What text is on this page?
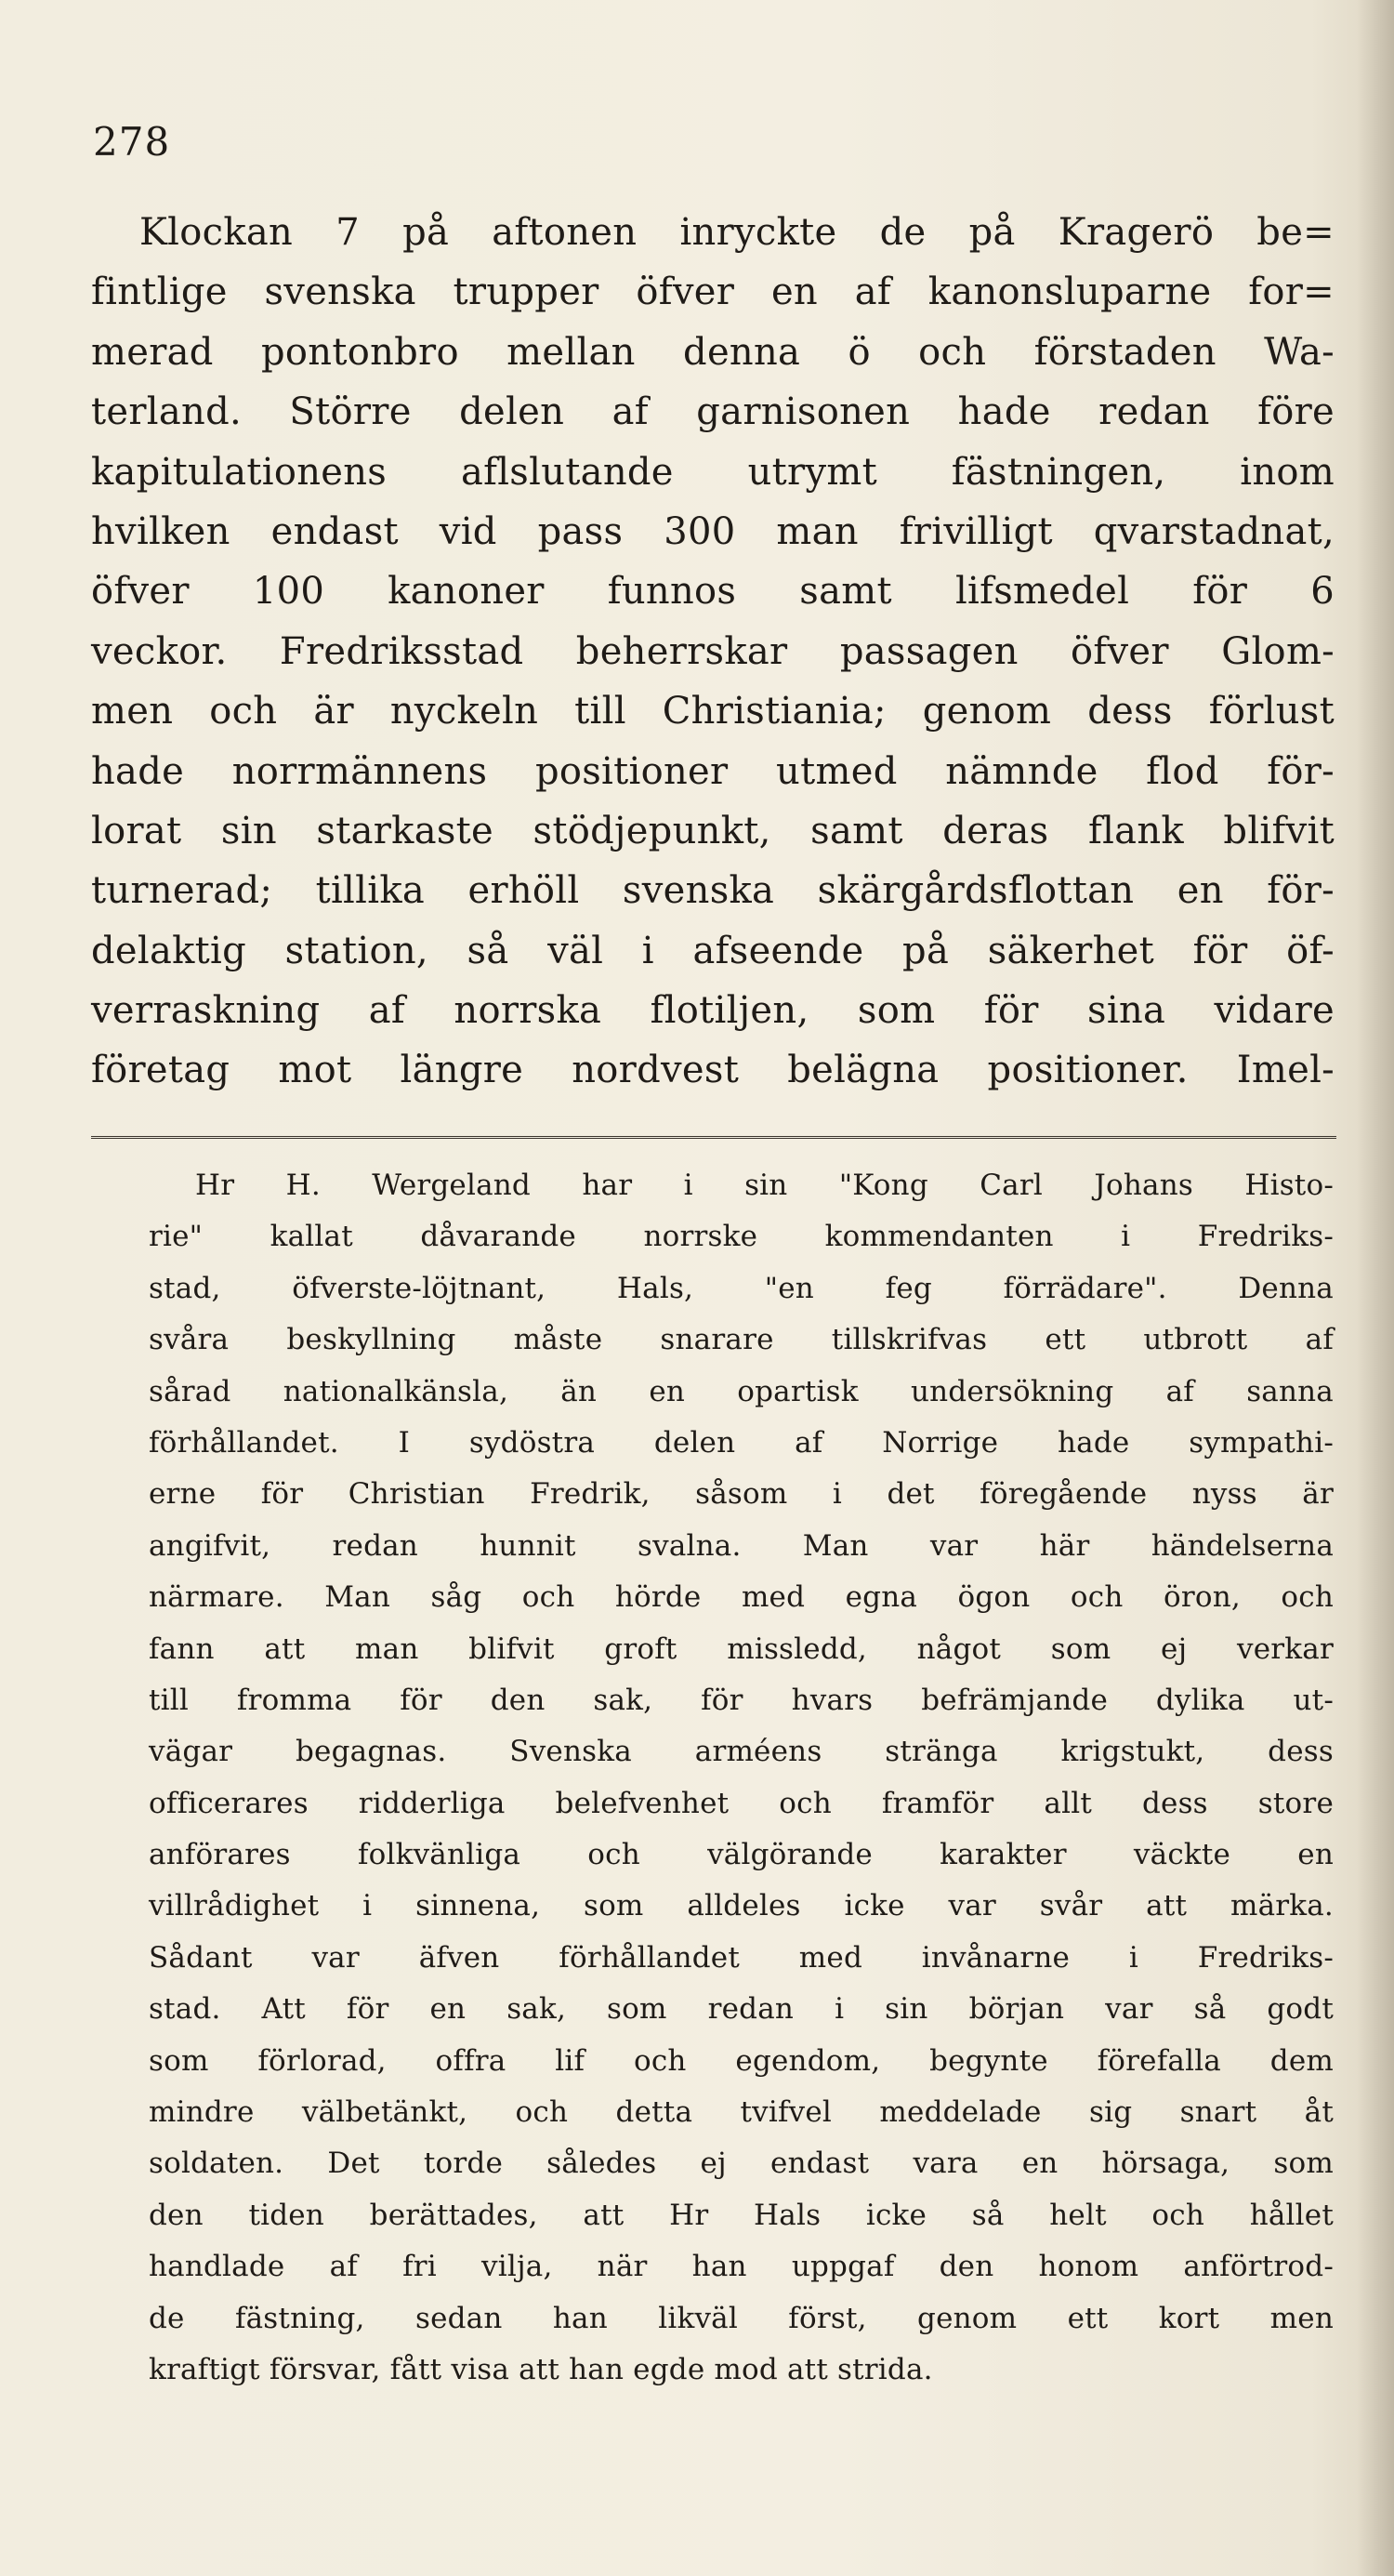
278
Klockan 7 på aftonen inryckte de på Kragerö be=
fintlige svenska trupper öfver en af kanonsluparne for=
merad pontonbro mellan denna ö och förstaden Wa-
terland. Större delen af garnisonen hade redan före
kapitulationens aflslutande utrymt fästningen, inom
hvilken endast vid pass 300 man frivilligt qvarstadnat,
öfver 100 kanoner funnos samt lifsmedel för 6
veckor. Fredriksstad beherrskar passagen öfver Glom-
men och är nyckeln till Christiania; genom dess förlust
hade norrmännens positioner utmed nämnde flod för-
lorat sin starkaste stödjepunkt, samt deras flank blifvit
turnerad; tillika erhöll svenska skärgårdsflottan en för-
delaktig station, så väl i afseende på säkerhet för öf-
verraskning af norrska flotiljen, som för sina vidare
företag mot längre nordvest belägna positioner. Imel-
Hr H. Wergeland har i sin "Kong Carl Johans Histo-
rie" kallat dåvarande norrske kommendanten i Fredriks-
stad, öfverste-löjtnant, Hals, "en feg förrädare". Denna
svåra beskyllning måste snarare tillskrifvas ett utbrott af
sårad nationalkänsla, än en opartisk undersökning af sanna
förhållandet. I sydöstra delen af Norrige hade sympathi-
erne för Christian Fredrik, såsom i det föregående nyss är
angifvit, redan hunnit svalna. Man var här händelserna
närmare. Man såg och hörde med egna ögon och öron, och
fann att man blifvit groft missledd, något som ej verkar
till fromma för den sak, för hvars befrämjande dylika ut-
vägar begagnas. Svenska arméens stränga krigstukt, dess
officerares ridderliga belefvenhet och framför allt dess store
anförares folkvänliga och välgörande karakter väckte en
villrådighet i sinnena, som alldeles icke var svår att märka.
Sådant var äfven förhållandet med invånarne i Fredriks-
stad. Att för en sak, som redan i sin början var så godt
som förlorad, offra lif och egendom, begynte förefalla dem
mindre välbetänkt, och detta tvifvel meddelade sig snart åt
soldaten. Det torde således ej endast vara en hörsaga, som
den tiden berättades, att Hr Hals icke så helt och hållet
handlade af fri vilja, när han uppgaf den honom anförtrod-
de fästning, sedan han likväl först, genom ett kort men
kraftigt försvar, fått visa att han egde mod att strida.
